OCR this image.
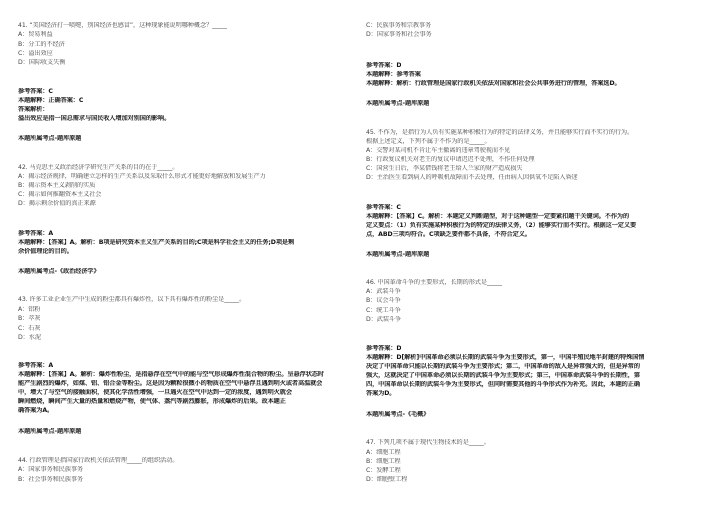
41. “美国经济打一喷嚏，别国经济也感冒”，这种现象能说明哪种概念？_____
A：贸易利益
B：分工的不经济
C：溢出效应
D：国际收支失衡
参考答案：C
本题解释：正确答案：C
答案解析：
溢出效应是指一国总需求与国民收入增加对别国的影响。
本题所属考点-题库原题
42. 马克思主义政治经济学研究生产关系的目的在于_____。
A：揭示经济规律，明确建立怎样的生产关系以及采取什么形式才能更好地解放和发展生产力
B：揭示资本主义剥削的实质
C：揭示如何推翻资本主义社会
D：揭示剩余价值的真正来源
参考答案：A
本题解释：【答案】A。解析：B项是研究资本主义生产关系的目的;C项是科学社会主义的任务;D项是剩
余价值理论的目的。
本题所属考点-《政治经济学》
43. 许多工业企业生产中生成的粉尘都具有爆炸性，以下具有爆炸性的粉尘是_____。
A：铝粉
B：萃灰
C：石灰
D：水泥
参考答案：A
本题解释：【答案】A。解析：爆炸性粉尘，是指悬浮在空气中的能与空气形成爆炸性混合物的粉尘。呈悬浮状态时
能产生剧烈的爆炸，如煤、铝、铝合金等粉尘。这是因为颗粒很微小的物质在空气中悬浮且遇到明火或者高温就会
中，增大了与空气的接触面积，使其化学活性增强，一旦遇火在空气中达到一定的浓度，遇到明火就会
瞬间燃烧，瞬间产生大量的热量和燃烧产物，使气体、蒸汽等剧烈膨胀，形成爆炸的后果。故本题正
确答案为A。
本题所属考点-题库原题
44. 行政管理是指国家行政机关依法管理_____的组织活动。
A：国家事务和民族事务
B：社会事务和民族事务
C：民族事务和宗教事务
D：国家事务和社会事务
参考答案：D
本题解释：参考答案
本题解释：解析：行政管理是国家行政机关依法对国家和社会公共事务进行的管理，答案选D。
本题所属考点-题库原题
45. 不作为，是指行为人负有实施某种积极行为的特定的法律义务，并且能够实行而不实行的行为。
根据上述定义，下列不属于不作为的是_____。
A：交警对某司机不肯让车主撤离的违章驾驶视而不见
B：行政复议机关对老王的复议申请迟迟不处理，不作任何处理
C：国营生日后，李某借钱将老王给人兰家的财产造成损失
D：主治医生看到病人的呼吸机故障而不去处理，任由病人因供氧不足陷入昏迷
参考答案：C
本题解释：【答案】C。解析：本题定义判断题型，对于这种题型一定要紧扣题干关键词。不作为的
定义要点：（1）负有实施某种积极行为的特定的法律义务，（2）能够实行而不实行。根据这一定义要
点，ABD三项均符合。C项缺乏要件都不具备，不符合定义。
本题所属考点-题库原题
46. 中国革命斗争的主要形式，长期的形式是_____
A：武装斗争
B：议会斗争
C：统工斗争
D：武装斗争
参考答案：D
本题解释：D[解析]中国革命必须以长期的武装斗争为主要形式，第一，中国半殖民地半封建的特殊国情
决定了中国革命只能以长期的武装斗争为主要形式；第二，中国革命的敌人是异常强大的，但是异常的
强大，这就决定了中国革命必须以长期的武装斗争为主要形式；第三，中国革命武装斗争的长期性，第
四，中国革命以长期的武装斗争为主要形式，但同时需要其他的斗争形式作为补充。因此，本题的正确
答案为D。
本题所属考点-《毛概》
47. 下列几项不属于现代生物技术的是_____。
A：细胞工程
B：细胞工程
C：发酵工程
D：细胞壁工程
